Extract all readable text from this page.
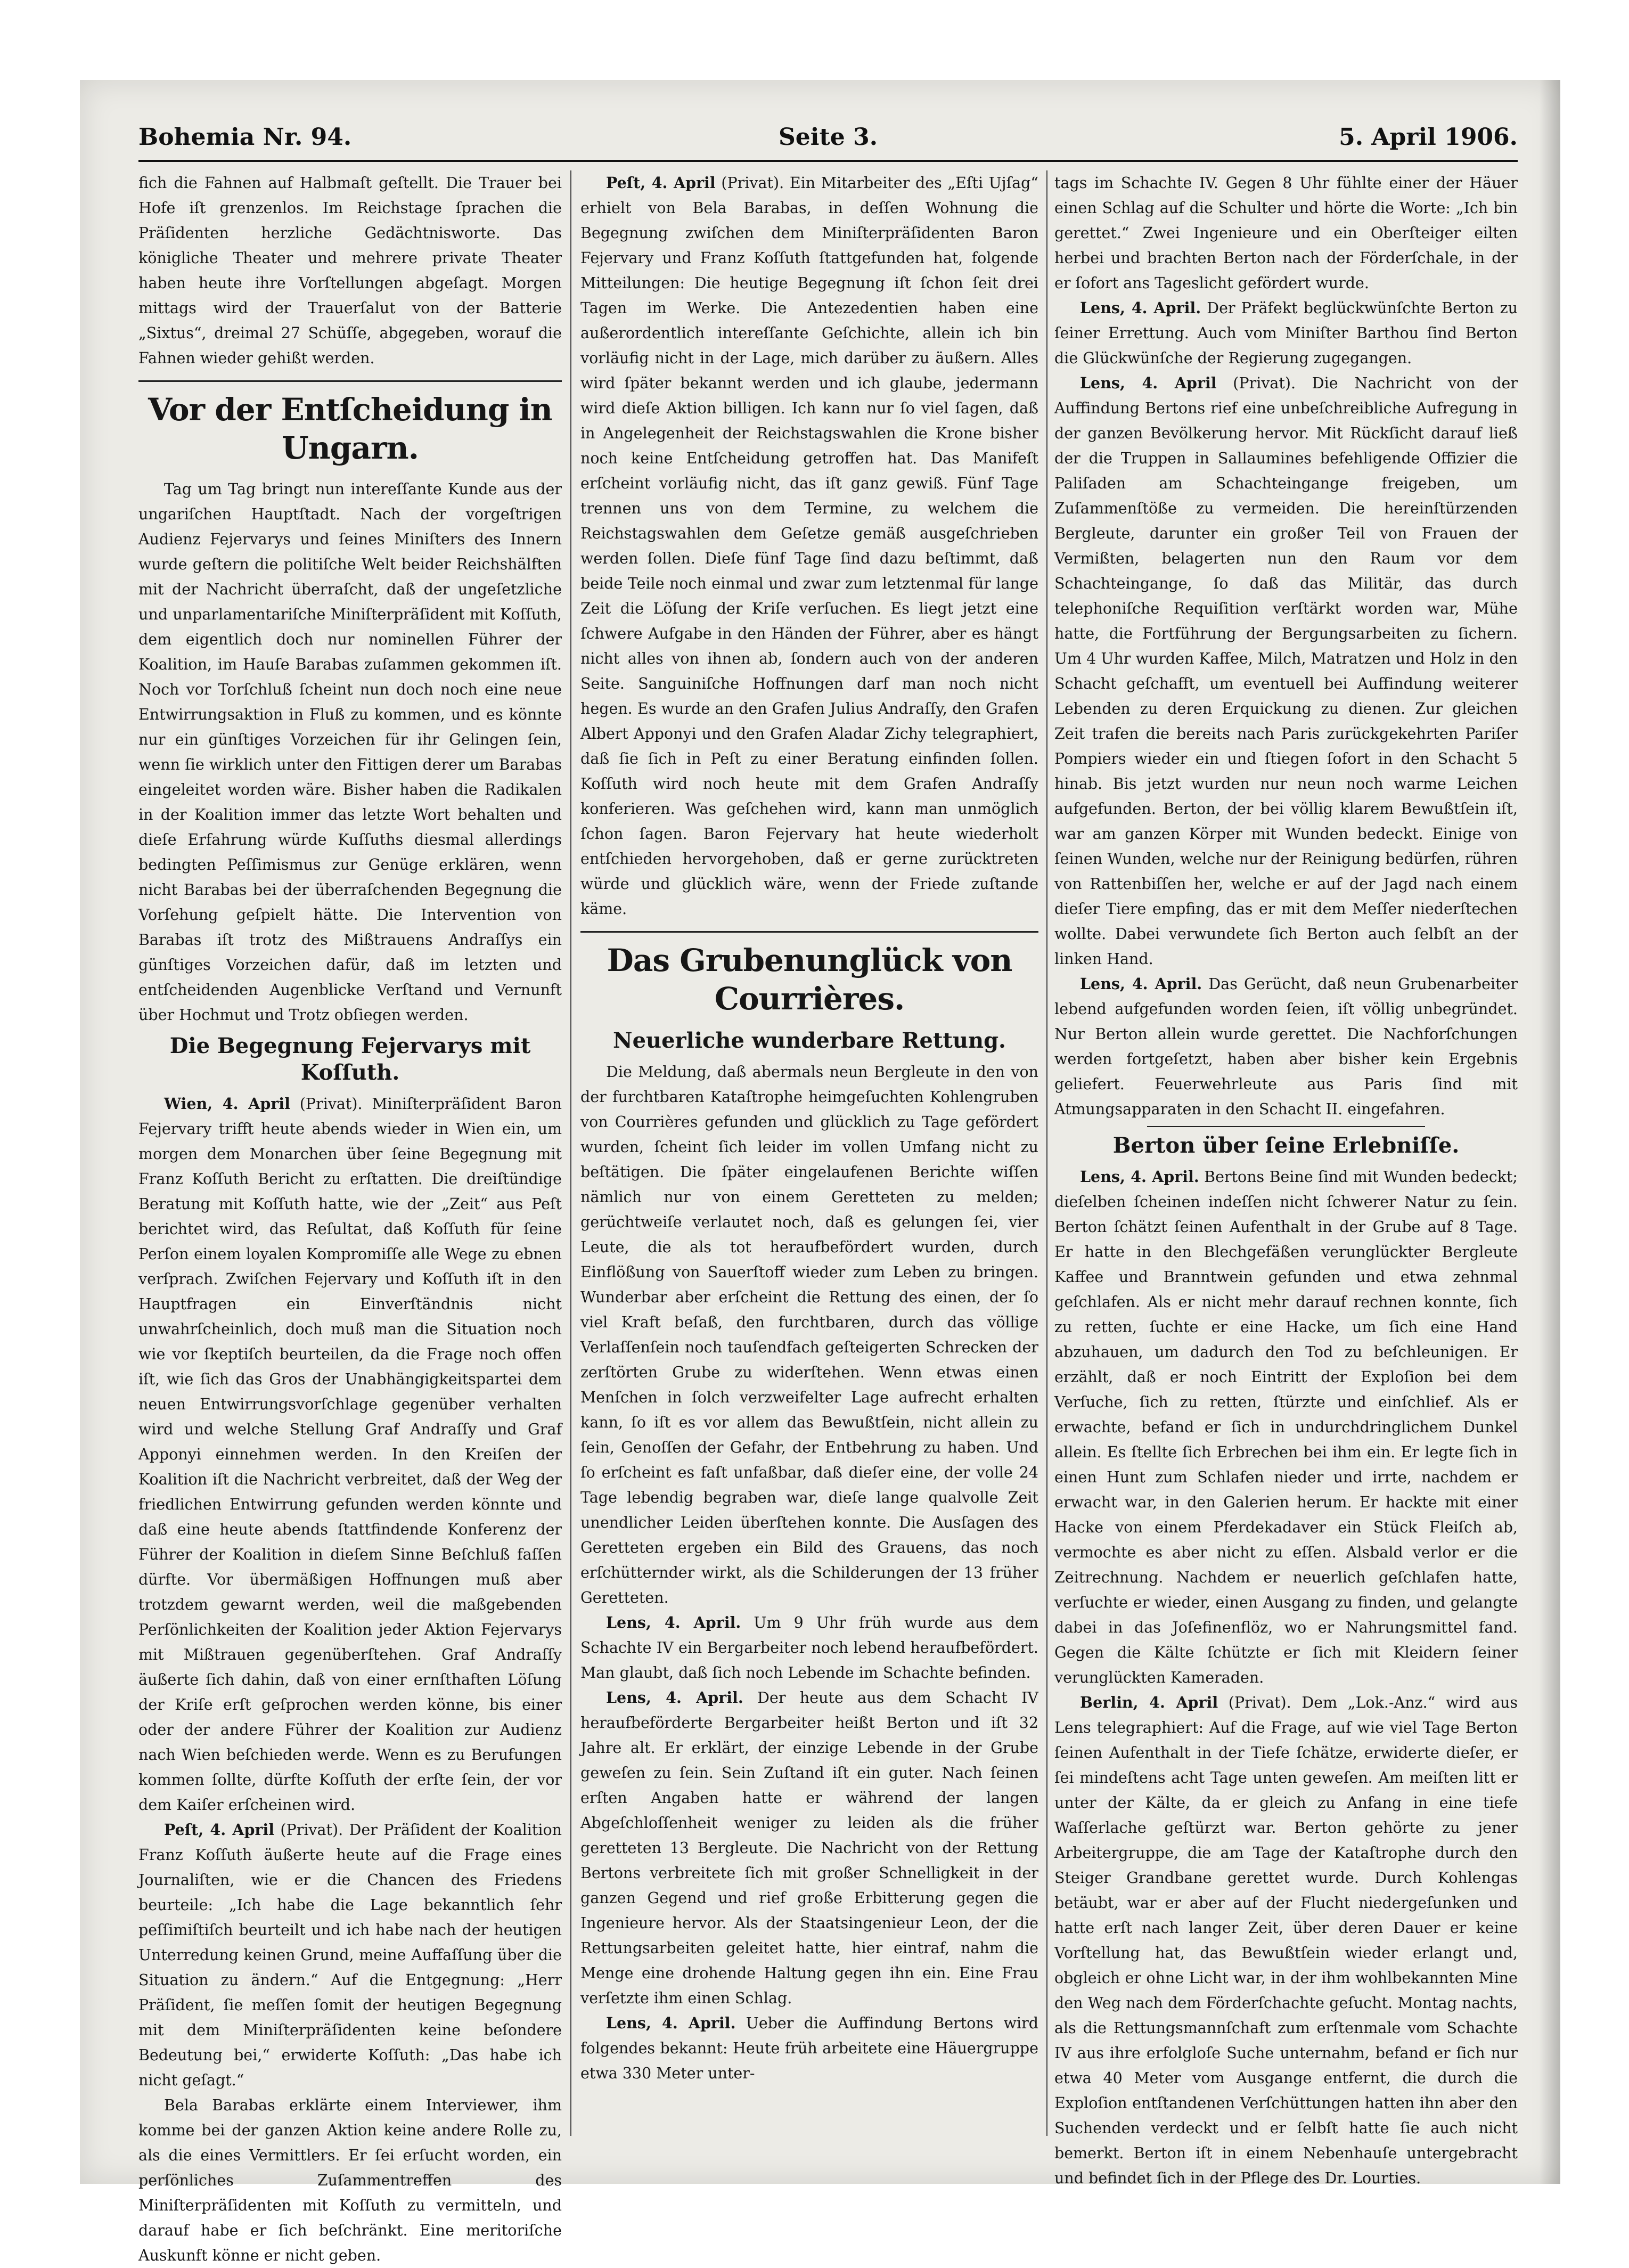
Bohemia Nr. 94.	Seite 3.	5. April 1906.

fich die Fahnen auf Halbmaſt geſtellt. Die Trauer bei Hofe iſt grenzenlos. Im Reichstage ſprachen die Präſidenten herzliche Gedächtnisworte. Das königliche Theater und mehrere private Theater haben heute ihre Vorſtellungen abgeſagt. Morgen mittags wird der Trauerſalut von der Batterie „Sixtus“, dreimal 27 Schüſſe, abgegeben, worauf die Fahnen wieder gehißt werden.

Vor der Entſcheidung in Ungarn.

Tag um Tag bringt nun intereſſante Kunde aus der ungariſchen Hauptſtadt. Nach der vorgeſtrigen Audienz Fejervarys und ſeines Miniſters des Innern wurde geſtern die politiſche Welt beider Reichshälften mit der Nachricht überraſcht, daß der ungeſetzliche und unparlamentariſche Miniſterpräſident mit Koſſuth, dem eigentlich doch nur nominellen Führer der Koalition, im Hauſe Barabas zuſammen gekommen iſt. Noch vor Torſchluß ſcheint nun doch noch eine neue Entwirrungsaktion in Fluß zu kommen, und es könnte nur ein günſtiges Vorzeichen für ihr Gelingen ſein, wenn ſie wirklich unter den Fittigen derer um Barabas eingeleitet worden wäre. Bisher haben die Radikalen in der Koalition immer das letzte Wort behalten und dieſe Erfahrung würde Kuſſuths diesmal allerdings bedingten Peſſimismus zur Genüge erklären, wenn nicht Barabas bei der überraſchenden Begegnung die Vorſehung geſpielt hätte. Die Intervention von Barabas iſt trotz des Mißtrauens Andraſſys ein günſtiges Vorzeichen dafür, daß im letzten und entſcheidenden Augenblicke Verſtand und Vernunft über Hochmut und Trotz obſiegen werden.

Die Begegnung Fejervarys mit Koſſuth.

Wien, 4. April (Privat). Miniſterpräſident Baron Fejervary trifft heute abends wieder in Wien ein, um morgen dem Monarchen über ſeine Begegnung mit Franz Koſſuth Bericht zu erſtatten. Die dreiſtündige Beratung mit Koſſuth hatte, wie der „Zeit“ aus Peſt berichtet wird, das Reſultat, daß Koſſuth für ſeine Perſon einem loyalen Kompromiſſe alle Wege zu ebnen verſprach. Zwiſchen Fejervary und Koſſuth iſt in den Hauptfragen ein Einverſtändnis nicht unwahrſcheinlich, doch muß man die Situation noch wie vor ſkeptiſch beurteilen, da die Frage noch offen iſt, wie ſich das Gros der Unabhängigkeitspartei dem neuen Entwirrungsvorſchlage gegenüber verhalten wird und welche Stellung Graf Andraſſy und Graf Apponyi einnehmen werden. In den Kreiſen der Koalition iſt die Nachricht verbreitet, daß der Weg der friedlichen Entwirrung gefunden werden könnte und daß eine heute abends ſtattfindende Konferenz der Führer der Koalition in dieſem Sinne Beſchluß faſſen dürfte. Vor übermäßigen Hoffnungen muß aber trotzdem gewarnt werden, weil die maßgebenden Perſönlichkeiten der Koalition jeder Aktion Fejervarys mit Mißtrauen gegenüberſtehen. Graf Andraſſy äußerte ſich dahin, daß von einer ernſthaften Löſung der Kriſe erſt geſprochen werden könne, bis einer oder der andere Führer der Koalition zur Audienz nach Wien beſchieden werde. Wenn es zu Berufungen kommen ſollte, dürfte Koſſuth der erſte ſein, der vor dem Kaiſer erſcheinen wird.

Peſt, 4. April (Privat). Der Präſident der Koalition Franz Koſſuth äußerte heute auf die Frage eines Journaliſten, wie er die Chancen des Friedens beurteile: „Ich habe die Lage bekanntlich ſehr peſſimiſtiſch beurteilt und ich habe nach der heutigen Unterredung keinen Grund, meine Auffaſſung über die Situation zu ändern.“ Auf die Entgegnung: „Herr Präſident, ſie meſſen ſomit der heutigen Begegnung mit dem Miniſterpräſidenten keine beſondere Bedeutung bei,“ erwiderte Koſſuth: „Das habe ich nicht geſagt.“

Bela Barabas erklärte einem Interviewer, ihm komme bei der ganzen Aktion keine andere Rolle zu, als die eines Vermittlers. Er ſei erſucht worden, ein perſönliches Zuſammentreffen des Miniſterpräſidenten mit Koſſuth zu vermitteln, und darauf habe er ſich beſchränkt. Eine meritoriſche Auskunft könne er nicht geben.

Peſt, 4. April (Privat). Ein Mitarbeiter des „Eſti Ujſag“ erhielt von Bela Barabas, in deſſen Wohnung die Begegnung zwiſchen dem Miniſterpräſidenten Baron Fejervary und Franz Koſſuth ſtattgefunden hat, folgende Mitteilungen: Die heutige Begegnung iſt ſchon ſeit drei Tagen im Werke. Die Antezedentien haben eine außerordentlich intereſſante Geſchichte, allein ich bin vorläufig nicht in der Lage, mich darüber zu äußern. Alles wird ſpäter bekannt werden und ich glaube, jedermann wird dieſe Aktion billigen. Ich kann nur ſo viel ſagen, daß in Angelegenheit der Reichstagswahlen die Krone bisher noch keine Entſcheidung getroffen hat. Das Manifeſt erſcheint vorläufig nicht, das iſt ganz gewiß. Fünf Tage trennen uns von dem Termine, zu welchem die Reichstagswahlen dem Geſetze gemäß ausgeſchrieben werden ſollen. Dieſe fünf Tage ſind dazu beſtimmt, daß beide Teile noch einmal und zwar zum letztenmal für lange Zeit die Löſung der Kriſe verſuchen. Es liegt jetzt eine ſchwere Aufgabe in den Händen der Führer, aber es hängt nicht alles von ihnen ab, ſondern auch von der anderen Seite. Sanguiniſche Hoffnungen darf man noch nicht hegen. Es wurde an den Grafen Julius Andraſſy, den Grafen Albert Apponyi und den Grafen Aladar Zichy telegraphiert, daß ſie ſich in Peſt zu einer Beratung einfinden ſollen. Koſſuth wird noch heute mit dem Grafen Andraſſy konferieren. Was geſchehen wird, kann man unmöglich ſchon ſagen. Baron Fejervary hat heute wiederholt entſchieden hervorgehoben, daß er gerne zurücktreten würde und glücklich wäre, wenn der Friede zuſtande käme.

Das Grubenunglück von Courrières.
Neuerliche wunderbare Rettung.

Die Meldung, daß abermals neun Bergleute in den von der furchtbaren Kataſtrophe heimgeſuchten Kohlengruben von Courrières gefunden und glücklich zu Tage gefördert wurden, ſcheint ſich leider im vollen Umfang nicht zu beſtätigen. Die ſpäter eingelaufenen Berichte wiſſen nämlich nur von einem Geretteten zu melden; gerüchtweiſe verlautet noch, daß es gelungen ſei, vier Leute, die als tot heraufbefördert wurden, durch Einflößung von Sauerſtoff wieder zum Leben zu bringen. Wunderbar aber erſcheint die Rettung des einen, der ſo viel Kraft beſaß, den furchtbaren, durch das völlige Verlaſſenſein noch tauſendfach geſteigerten Schrecken der zerſtörten Grube zu widerſtehen. Wenn etwas einen Menſchen in ſolch verzweifelter Lage aufrecht erhalten kann, ſo iſt es vor allem das Bewußtſein, nicht allein zu ſein, Genoſſen der Gefahr, der Entbehrung zu haben. Und ſo erſcheint es faſt unfaßbar, daß dieſer eine, der volle 24 Tage lebendig begraben war, dieſe lange qualvolle Zeit unendlicher Leiden überſtehen konnte. Die Ausſagen des Geretteten ergeben ein Bild des Grauens, das noch erſchütternder wirkt, als die Schilderungen der 13 früher Geretteten.

Lens, 4. April. Um 9 Uhr früh wurde aus dem Schachte IV ein Bergarbeiter noch lebend heraufbefördert. Man glaubt, daß ſich noch Lebende im Schachte befinden.

Lens, 4. April. Der heute aus dem Schacht IV heraufbeförderte Bergarbeiter heißt Berton und iſt 32 Jahre alt. Er erklärt, der einzige Lebende in der Grube geweſen zu ſein. Sein Zuſtand iſt ein guter. Nach ſeinen erſten Angaben hatte er während der langen Abgeſchloſſenheit weniger zu leiden als die früher geretteten 13 Bergleute. Die Nachricht von der Rettung Bertons verbreitete ſich mit großer Schnelligkeit in der ganzen Gegend und rief große Erbitterung gegen die Ingenieure hervor. Als der Staatsingenieur Leon, der die Rettungsarbeiten geleitet hatte, hier eintraf, nahm die Menge eine drohende Haltung gegen ihn ein. Eine Frau verſetzte ihm einen Schlag.

Lens, 4. April. Ueber die Auffindung Bertons wird folgendes bekannt: Heute früh arbeitete eine Häuergruppe etwa 330 Meter unter-

tags im Schachte IV. Gegen 8 Uhr fühlte einer der Häuer einen Schlag auf die Schulter und hörte die Worte: „Ich bin gerettet.“ Zwei Ingenieure und ein Oberſteiger eilten herbei und brachten Berton nach der Förderſchale, in der er ſofort ans Tageslicht gefördert wurde.

Lens, 4. April. Der Präfekt beglückwünſchte Berton zu ſeiner Errettung. Auch vom Miniſter Barthou ſind Berton die Glückwünſche der Regierung zugegangen.

Lens, 4. April (Privat). Die Nachricht von der Auffindung Bertons rief eine unbeſchreibliche Aufregung in der ganzen Bevölkerung hervor. Mit Rückſicht darauf ließ der die Truppen in Sallaumines befehligende Offizier die Paliſaden am Schachteingange freigeben, um Zuſammenſtöße zu vermeiden. Die hereinſtürzenden Bergleute, darunter ein großer Teil von Frauen der Vermißten, belagerten nun den Raum vor dem Schachteingange, ſo daß das Militär, das durch telephoniſche Requiſition verſtärkt worden war, Mühe hatte, die Fortführung der Bergungsarbeiten zu ſichern. Um 4 Uhr wurden Kaffee, Milch, Matratzen und Holz in den Schacht geſchafft, um eventuell bei Auffindung weiterer Lebenden zu deren Erquickung zu dienen. Zur gleichen Zeit trafen die bereits nach Paris zurückgekehrten Pariſer Pompiers wieder ein und ſtiegen ſofort in den Schacht 5 hinab. Bis jetzt wurden nur neun noch warme Leichen aufgefunden. Berton, der bei völlig klarem Bewußtſein iſt, war am ganzen Körper mit Wunden bedeckt. Einige von ſeinen Wunden, welche nur der Reinigung bedürfen, rühren von Rattenbiſſen her, welche er auf der Jagd nach einem dieſer Tiere empfing, das er mit dem Meſſer niederſtechen wollte. Dabei verwundete ſich Berton auch ſelbſt an der linken Hand.

Lens, 4. April. Das Gerücht, daß neun Grubenarbeiter lebend aufgefunden worden ſeien, iſt völlig unbegründet. Nur Berton allein wurde gerettet. Die Nachforſchungen werden fortgeſetzt, haben aber bisher kein Ergebnis geliefert. Feuerwehrleute aus Paris ſind mit Atmungsapparaten in den Schacht II. eingefahren.

Berton über ſeine Erlebniſſe.

Lens, 4. April. Bertons Beine ſind mit Wunden bedeckt; dieſelben ſcheinen indeſſen nicht ſchwerer Natur zu ſein. Berton ſchätzt ſeinen Aufenthalt in der Grube auf 8 Tage. Er hatte in den Blechgefäßen verunglückter Bergleute Kaffee und Branntwein gefunden und etwa zehnmal geſchlafen. Als er nicht mehr darauf rechnen konnte, ſich zu retten, ſuchte er eine Hacke, um ſich eine Hand abzuhauen, um dadurch den Tod zu beſchleunigen. Er erzählt, daß er noch Eintritt der Exploſion bei dem Verſuche, ſich zu retten, ſtürzte und einſchlief. Als er erwachte, befand er ſich in undurchdringlichem Dunkel allein. Es ſtellte ſich Erbrechen bei ihm ein. Er legte ſich in einen Hunt zum Schlafen nieder und irrte, nachdem er erwacht war, in den Galerien herum. Er hackte mit einer Hacke von einem Pferdekadaver ein Stück Fleiſch ab, vermochte es aber nicht zu eſſen. Alsbald verlor er die Zeitrechnung. Nachdem er neuerlich geſchlafen hatte, verſuchte er wieder, einen Ausgang zu finden, und gelangte dabei in das Joſefinenflöz, wo er Nahrungsmittel fand. Gegen die Kälte ſchützte er ſich mit Kleidern ſeiner verunglückten Kameraden.

Berlin, 4. April (Privat). Dem „Lok.-Anz.“ wird aus Lens telegraphiert: Auf die Frage, auf wie viel Tage Berton ſeinen Aufenthalt in der Tiefe ſchätze, erwiderte dieſer, er ſei mindeſtens acht Tage unten geweſen. Am meiſten litt er unter der Kälte, da er gleich zu Anfang in eine tiefe Waſſerlache geſtürzt war. Berton gehörte zu jener Arbeitergruppe, die am Tage der Kataſtrophe durch den Steiger Grandbane gerettet wurde. Durch Kohlengas betäubt, war er aber auf der Flucht niedergeſunken und hatte erſt nach langer Zeit, über deren Dauer er keine Vorſtellung hat, das Bewußtſein wieder erlangt und, obgleich er ohne Licht war, in der ihm wohlbekannten Mine den Weg nach dem Förderſchachte geſucht. Montag nachts, als die Rettungsmannſchaft zum erſtenmale vom Schachte IV aus ihre erfolgloſe Suche unternahm, befand er ſich nur etwa 40 Meter vom Ausgange entfernt, die durch die Exploſion entſtandenen Verſchüttungen hatten ihn aber den Suchenden verdeckt und er ſelbſt hatte ſie auch nicht bemerkt. Berton iſt in einem Nebenhauſe untergebracht und befindet ſich in der Pflege des Dr. Lourties.
